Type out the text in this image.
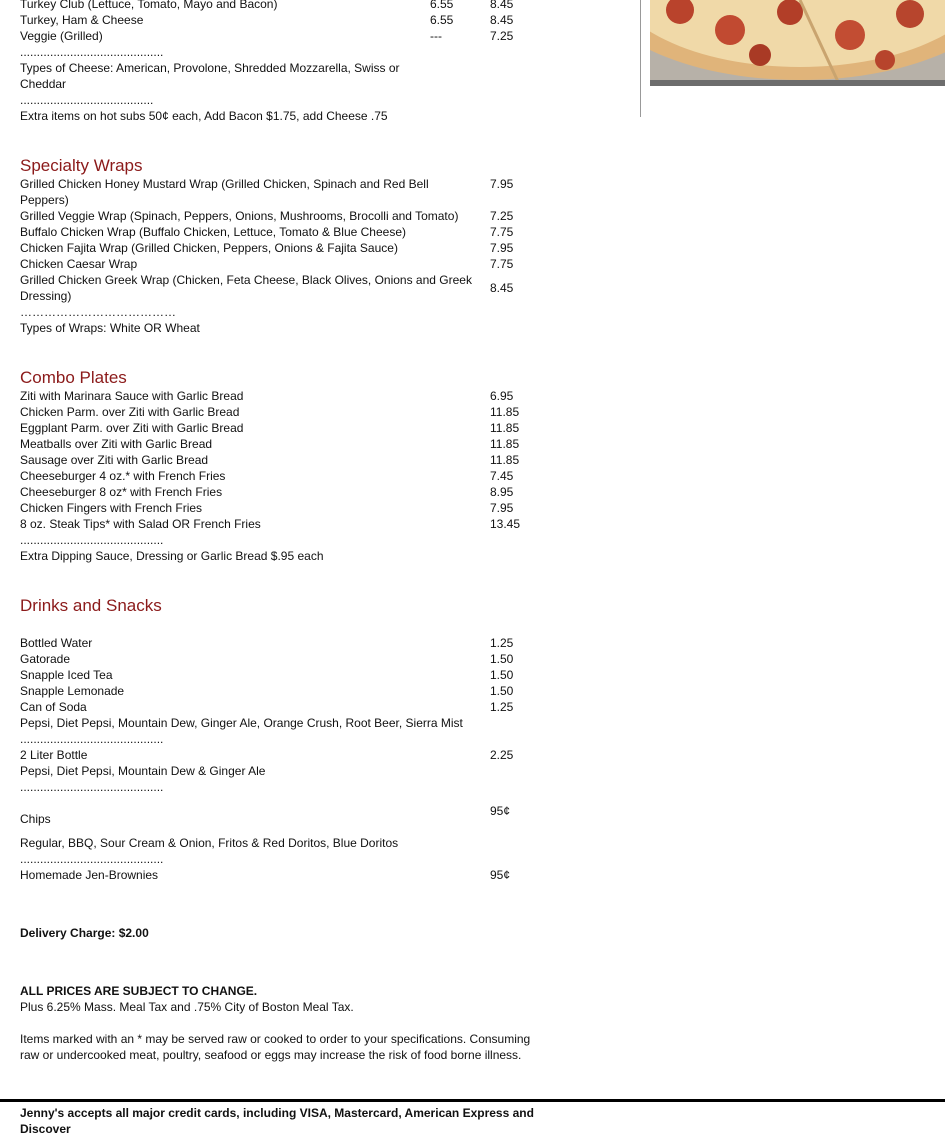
Turkey Club (Lettuce, Tomato, Mayo and Bacon)	6.55	8.45
Turkey, Ham & Cheese	6.55	8.45
Veggie (Grilled)	---	7.25
...........................................
Types of Cheese: American, Provolone, Shredded Mozzarella, Swiss or Cheddar
........................................
Extra items on hot subs 50¢ each, Add Bacon $1.75, add Cheese .75
Specialty Wraps
Grilled Chicken Honey Mustard Wrap (Grilled Chicken, Spinach and Red Bell Peppers)
7.95
Grilled Veggie Wrap (Spinach, Peppers, Onions, Mushrooms, Brocolli and Tomato)	7.25
Buffalo Chicken Wrap (Buffalo Chicken, Lettuce, Tomato & Blue Cheese)	7.75
Chicken Fajita Wrap (Grilled Chicken, Peppers, Onions & Fajita Sauce)	7.95
Chicken Caesar Wrap	7.75
Grilled Chicken Greek Wrap (Chicken, Feta Cheese, Black Olives, Onions and Greek Dressing)
8.45
…………………………………
Types of Wraps: White OR Wheat
Combo Plates
Ziti with Marinara Sauce with Garlic Bread	6.95
Chicken Parm. over Ziti with Garlic Bread	11.85
Eggplant Parm. over Ziti with Garlic Bread	11.85
Meatballs over Ziti with Garlic Bread	11.85
Sausage over Ziti with Garlic Bread	11.85
Cheeseburger 4 oz.* with French Fries	7.45
Cheeseburger 8 oz* with French Fries	8.95
Chicken Fingers with French Fries	7.95
8 oz. Steak Tips* with Salad OR French Fries	13.45
...........................................
Extra Dipping Sauce, Dressing or Garlic Bread $.95 each
Drinks and Snacks
Bottled Water	1.25
Gatorade	1.50
Snapple Iced Tea	1.50
Snapple Lemonade	1.50
Can of Soda	1.25
Pepsi, Diet Pepsi, Mountain Dew, Ginger Ale, Orange Crush, Root Beer, Sierra Mist
...........................................
2 Liter Bottle	2.25
Pepsi, Diet Pepsi, Mountain Dew & Ginger Ale
...........................................
Chips
95¢
Regular, BBQ, Sour Cream & Onion, Fritos & Red Doritos, Blue Doritos
...........................................
Homemade Jen-Brownies	95¢
Delivery Charge: $2.00
ALL PRICES ARE SUBJECT TO CHANGE.
Plus 6.25% Mass. Meal Tax and .75% City of Boston Meal Tax.
Items marked with an * may be served raw or cooked to order to your specifications. Consuming raw or undercooked meat, poultry, seafood or eggs may increase the risk of food borne illness.
Jenny's accepts all major credit cards, including VISA, Mastercard, American Express and Discover
